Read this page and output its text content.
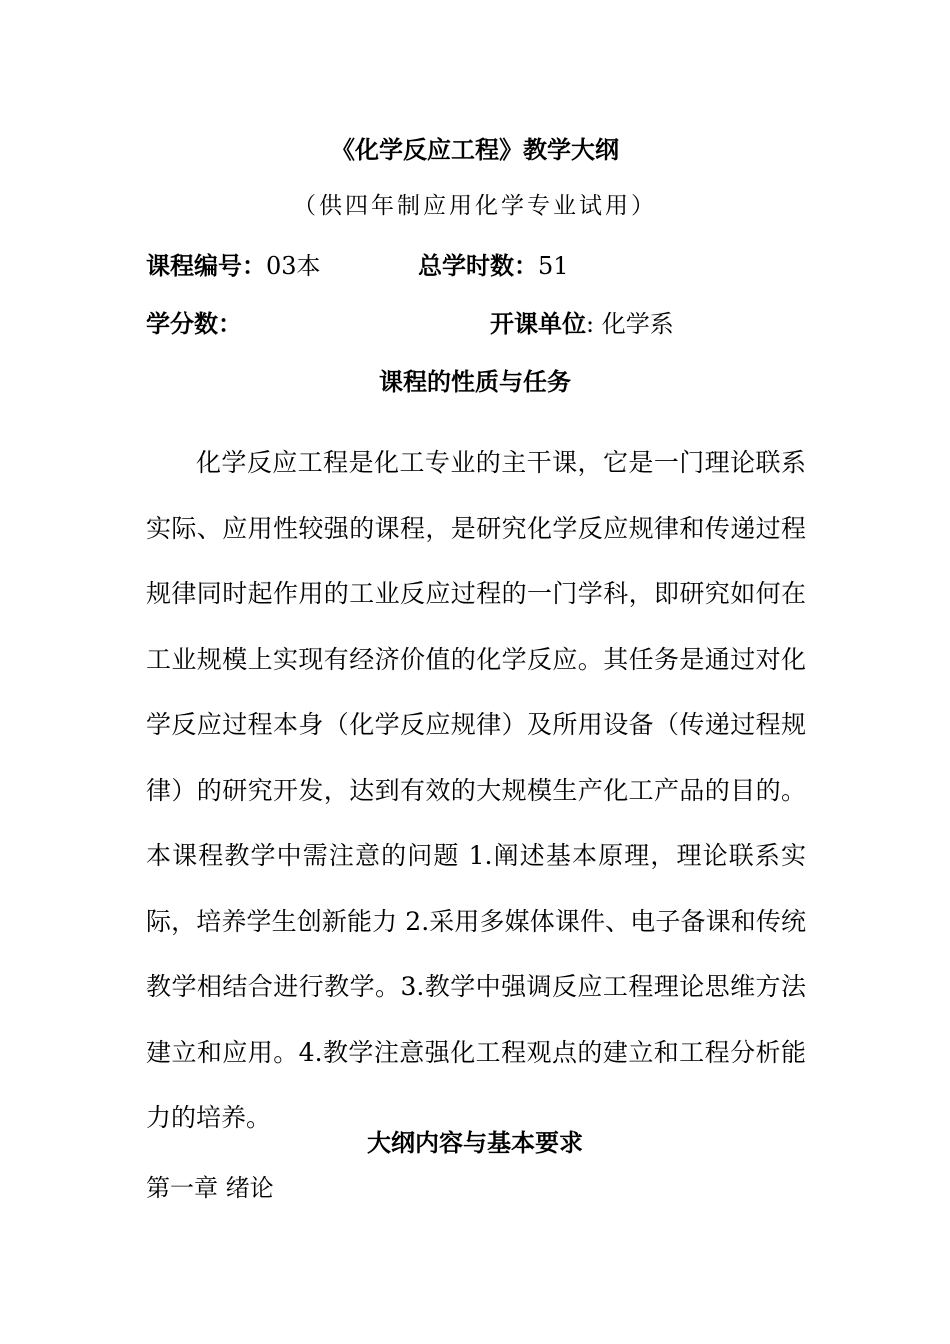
《化学反应工程》教学大纲
（供四年制应用化学专业试用）
课程编号：03本	总学时数：51
学分数：	开课单位: 化学系
课程的性质与任务

化学反应工程是化工专业的主干课，它是一门理论联系实际、应用性较强的课程，是研究化学反应规律和传递过程规律同时起作用的工业反应过程的一门学科，即研究如何在工业规模上实现有经济价值的化学反应。其任务是通过对化学反应过程本身（化学反应规律）及所用设备（传递过程规律）的研究开发，达到有效的大规模生产化工产品的目的。本课程教学中需注意的问题 1.阐述基本原理，理论联系实际，培养学生创新能力 2.采用多媒体课件、电子备课和传统教学相结合进行教学。3.教学中强调反应工程理论思维方法建立和应用。4.教学注意强化工程观点的建立和工程分析能力的培养。

大纲内容与基本要求
第一章 绪论
